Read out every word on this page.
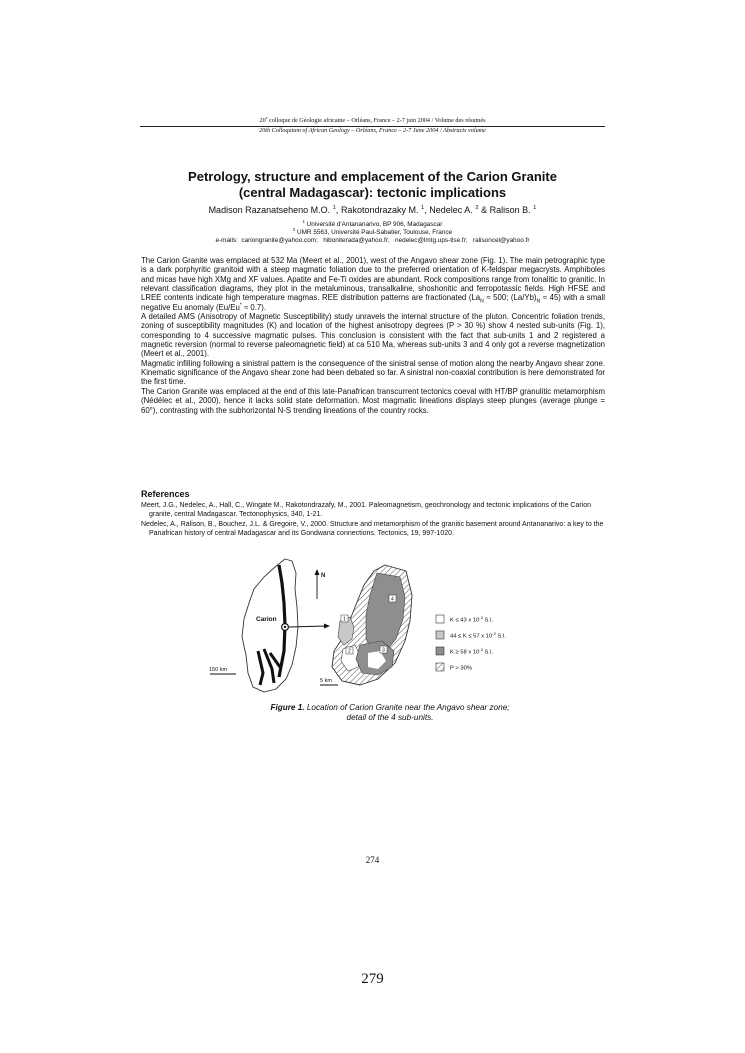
20e colloque de Géologie africaine – Orléans, France – 2-7 juin 2004 / Volume des résumés
20th Colloquium of African Geology – Orléans, France – 2-7 June 2004 / Abstracts volume
Petrology, structure and emplacement of the Carion Granite
(central Madagascar): tectonic implications
Madison Razanatseheno M.O. $^1$, Rakotondrazaky M. $^1$, Nedelec A. $^2$ & Ralison B. $^1$
$^1$ Université d'Antananarivo, BP 906, Madagascar
$^2$ UMR 5563, Université Paul-Sabatier, Toulouse, France
e-mails:  cariongranite@yahoo.com;   hiboniterada@yahoo.fr;   nedelec@lmtg.ups-tlse.fr;   ralisoncel@yahoo.fr

The Carion Granite was emplaced at 532 Ma (Meert et al., 2001), west of the Angavo shear zone (Fig. 1). The main petrographic type is a dark porphyritic granitoid with a steep magmatic foliation due to the preferred orientation of K-feldspar megacrysts. Amphiboles and micas have high XMg and XF values. Apatite and Fe-Ti oxides are abundant. Rock compositions range from tonalitic to granitic. In relevant classification diagrams, they plot in the metaluminous, transalkaline, shoshonitic and ferropotassic fields. High HFSE and LREE contents indicate high temperature magmas. REE distribution patterns are fractionated ($La_N \approx 500$; $(La/Yb)_N \approx 45$) with a small negative Eu anomaly (Eu/Eu* ≈ 0.7).

A detailed AMS (Anisotropy of Magnetic Susceptibility) study unravels the internal structure of the pluton. Concentric foliation trends, zoning of susceptibility magnitudes (K) and location of the highest anisotropy degrees (P > 30 %) show 4 nested sub-units (Fig. 1), corresponding to 4 successive magmatic pulses. This conclusion is consistent with the fact that sub-units 1 and 2 registered a magnetic reversion (normal to reverse paleomagnetic field) at ca 510 Ma, whereas sub-units 3 and 4 only got a reverse magnetization (Meert et al., 2001).

Magmatic infilling following a sinistral pattern is the consequence of the sinistral sense of motion along the nearby Angavo shear zone. Kinematic significance of the Angavo shear zone had been debated so far. A sinistral non-coaxial contribution is here demonstrated for the first time.

The Carion Granite was emplaced at the end of this late-Panafrican transcurrent tectonics coeval with HT/BP granulitic metamorphism (Nédélec et al., 2000), hence it lacks solid state deformation. Most magmatic lineations displays steep plunges (average plunge = 60°), contrasting with the subhorizontal N-S trending lineations of the country rocks.

References

Meert, J.G., Nedelec, A., Hall, C., Wingate M., Rakotondrazafy, M., 2001. Paleomagnetism, geochronology and tectonic implications of the Carion granite, central Madagascar. Tectonophysics, 340, 1-21.

Nedelec, A., Ralison, B., Bouchez, J.L. & Gregoire, V., 2000. Structure and metamorphism of the granitic basement around Antananarivo: a key to the Panafrican history of central Madagascar and its Gondwana connections. Tectonics, 19, 997-1020.

Carion
N
150 km
1
2	3
4
5 km
K ≤ 43 x $10^{-3}$ S.I.
44 ≤ K ≤ 57 x $10^{-3}$ S.I.
K ≥ 58 x $10^{-3}$ S.I.
P > 30%
Figure 1. Location of Carion Granite near the Angavo shear zone;
detail of the 4 sub-units.
274
279
